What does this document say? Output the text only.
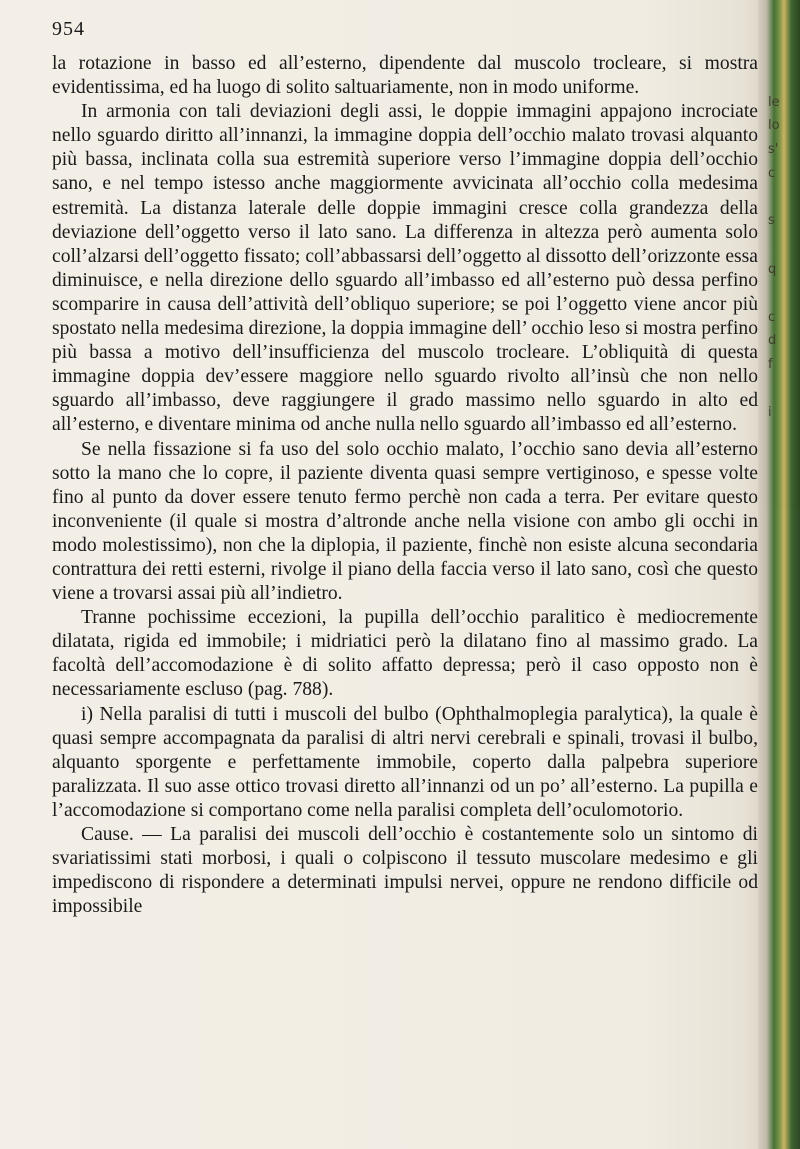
954

la rotazione in basso ed all’esterno, dipendente dal muscolo trocleare, si mostra evidentissima, ed ha luogo di solito saltuariamente, non in modo uniforme.

In armonia con tali deviazioni degli assi, le doppie immagini appajono incrociate nello sguardo diritto all’innanzi, la immagine doppia dell’occhio malato trovasi alquanto più bassa, inclinata colla sua estremità superiore verso l’immagine doppia dell’occhio sano, e nel tempo istesso anche maggiormente avvicinata all’occhio colla medesima estremità. La distanza laterale delle doppie immagini cresce colla grandezza della deviazione dell’oggetto verso il lato sano. La differenza in altezza però aumenta solo coll’alzarsi dell’oggetto fissato; coll’abbassarsi dell’oggetto al dissotto dell’orizzonte essa diminuisce, e nella direzione dello sguardo all’imbasso ed all’esterno può dessa perfino scomparire in causa dell’attività dell’obliquo superiore; se poi l’oggetto viene ancor più spostato nella medesima direzione, la doppia immagine dell’ occhio leso si mostra perfino più bassa a motivo dell’insufficienza del muscolo trocleare. L’obliquità di questa immagine doppia dev’essere maggiore nello sguardo rivolto all’insù che non nello sguardo all’imbasso, deve raggiungere il grado massimo nello sguardo in alto ed all’esterno, e diventare minima od anche nulla nello sguardo all’imbasso ed all’esterno.

Se nella fissazione si fa uso del solo occhio malato, l’occhio sano devia all’esterno sotto la mano che lo copre, il paziente diventa quasi sempre vertiginoso, e spesse volte fino al punto da dover essere tenuto fermo perchè non cada a terra. Per evitare questo inconveniente (il quale si mostra d’altronde anche nella visione con ambo gli occhi in modo molestissimo), non che la diplopia, il paziente, finchè non esiste alcuna secondaria contrattura dei retti esterni, rivolge il piano della faccia verso il lato sano, così che questo viene a trovarsi assai più all’indietro.

Tranne pochissime eccezioni, la pupilla dell’occhio paralitico è mediocremente dilatata, rigida ed immobile; i midriatici però la dilatano fino al massimo grado. La facoltà dell’accomodazione è di solito affatto depressa; però il caso opposto non è necessariamente escluso (pag. 788).

i) Nella paralisi di tutti i muscoli del bulbo (Ophthalmoplegia paralytica), la quale è quasi sempre accompagnata da paralisi di altri nervi cerebrali e spinali, trovasi il bulbo, alquanto sporgente e perfettamente immobile, coperto dalla palpebra superiore paralizzata. Il suo asse ottico trovasi diretto all’innanzi od un po’ all’esterno. La pupilla e l’accomodazione si comportano come nella paralisi completa dell’oculomotorio.

Cause. — La paralisi dei muscoli dell’occhio è costantemente solo un sintomo di svariatissimi stati morbosi, i quali o colpiscono il tessuto muscolare medesimo e gli impediscono di rispondere a determinati impulsi nervei, oppure ne rendono difficile od impossibile

le
lo
s'
c
s
q
c
d
f
i
